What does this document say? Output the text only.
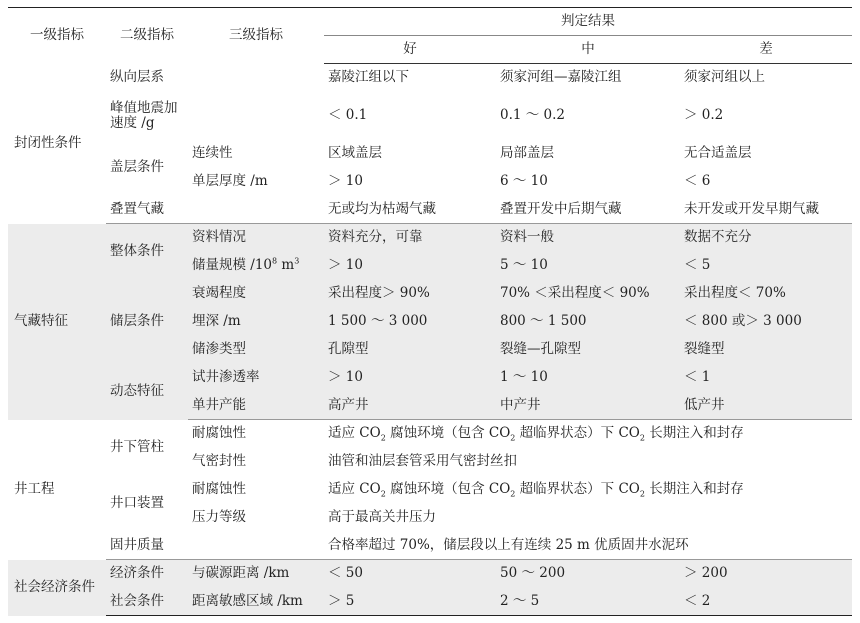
一级指标	二级指标	三级指标	判定结果		
			好	中	差
封闭性条件	纵向层系		嘉陵江组以下	须家河组—嘉陵江组	须家河组以上
	峰值地震加速度 /g		＜ 0.1	0.1 ～ 0.2	＞ 0.2
	盖层条件	连续性	区域盖层	局部盖层	无合适盖层
		单层厚度 /m	＞ 10	6 ～ 10	＜ 6
	叠置气藏		无或均为枯竭气藏	叠置开发中后期气藏	未开发或开发早期气藏
气藏特征	整体条件	资料情况	资料充分，可靠	资料一般	数据不充分
		储量规模 $/10^8$ $m^3$	＞ 10	5 ～ 10	＜ 5
	储层条件	衰竭程度	采出程度＞ 90%	70% ＜采出程度＜ 90%	采出程度＜ 70%
		埋深 /m	1 500 ～ 3 000	800 ～ 1 500	＜ 800 或＞ 3 000
		储渗类型	孔隙型	裂缝—孔隙型	裂缝型
	动态特征	试井渗透率	＞ 10	1 ～ 10	＜ 1
		单井产能	高产井	中产井	低产井
井工程	井下管柱	耐腐蚀性	适应 $CO_2$ 腐蚀环境（包含 $CO_2$ 超临界状态）下 $CO_2$ 长期注入和封存		
		气密封性	油管和油层套管采用气密封丝扣		
	井口装置	耐腐蚀性	适应 $CO_2$ 腐蚀环境（包含 $CO_2$ 超临界状态）下 $CO_2$ 长期注入和封存		
		压力等级	高于最高关井压力		
	固井质量		合格率超过 70%，储层段以上有连续 25 m 优质固井水泥环		
社会经济条件	经济条件	与碳源距离 /km	＜ 50	50 ～ 200	＞ 200
	社会条件	距离敏感区域 /km	＞ 5	2 ～ 5	＜ 2
